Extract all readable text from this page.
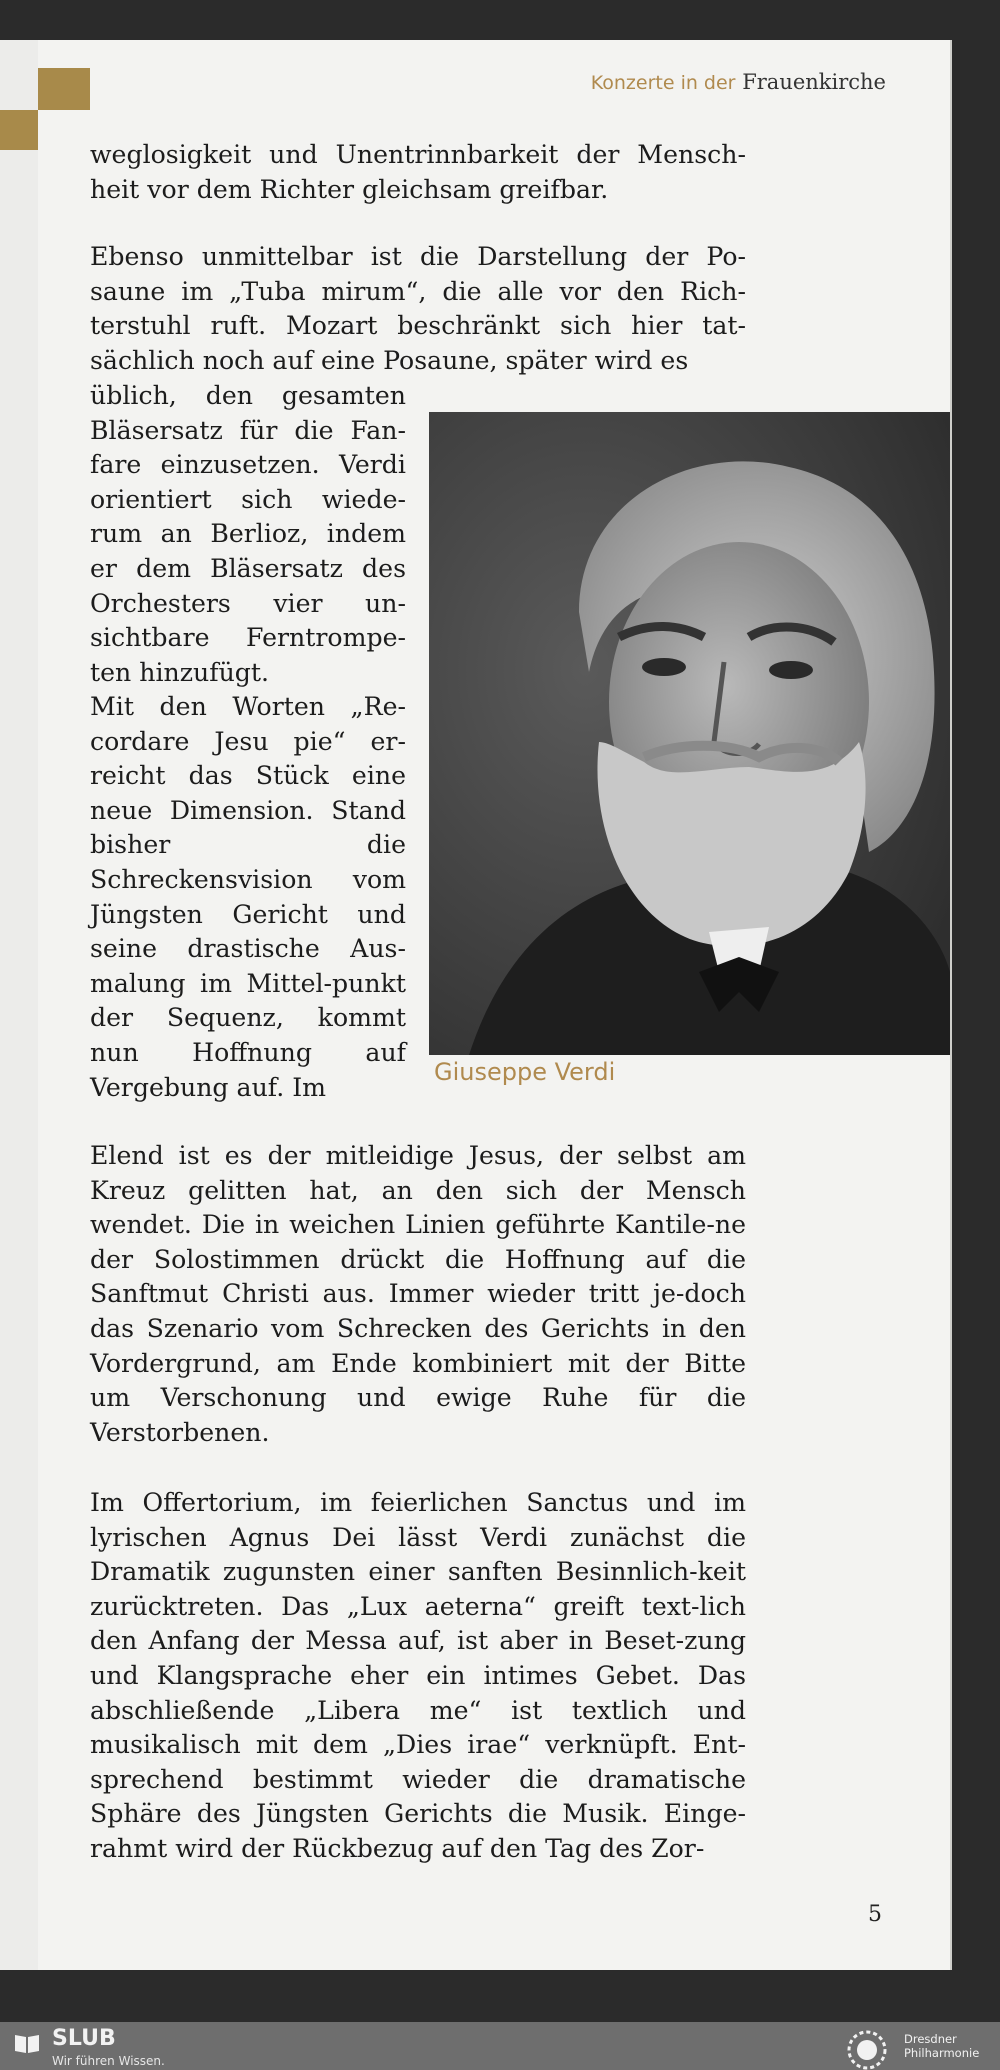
Konzerte in der Frauenkirche

weglosigkeit und Unentrinnbarkeit der Mensch-heit vor dem Richter gleichsam greifbar.

Ebenso unmittelbar ist die Darstellung der Po-saune im „Tuba mirum“, die alle vor den Rich-terstuhl ruft. Mozart beschränkt sich hier tat-sächlich noch auf eine Posaune, später wird es

üblich, den gesamten Bläsersatz für die Fan-fare einzusetzen. Verdi orientiert sich wiede-rum an Berlioz, indem er dem Bläsersatz des Orchesters vier un-sichtbare Ferntrompe-ten hinzufügt.

Mit den Worten „Re-cordare Jesu pie“ er-reicht das Stück eine neue Dimension. Stand bisher die Schreckensvision vom Jüngsten Gericht und seine drastische Aus-malung im Mittel-punkt der Sequenz, kommt nun Hoffnung auf Vergebung auf. Im

Elend ist es der mitleidige Jesus, der selbst am Kreuz gelitten hat, an den sich der Mensch wendet. Die in weichen Linien geführte Kantile-ne der Solostimmen drückt die Hoffnung auf die Sanftmut Christi aus. Immer wieder tritt je-doch das Szenario vom Schrecken des Gerichts in den Vordergrund, am Ende kombiniert mit der Bitte um Verschonung und ewige Ruhe für die Verstorbenen.

Im Offertorium, im feierlichen Sanctus und im lyrischen Agnus Dei lässt Verdi zunächst die Dramatik zugunsten einer sanften Besinnlich-keit zurücktreten. Das „Lux aeterna“ greift text-lich den Anfang der Messa auf, ist aber in Beset-zung und Klangsprache eher ein intimes Gebet. Das abschließende „Libera me“ ist textlich und musikalisch mit dem „Dies irae“ verknüpft. Ent-sprechend bestimmt wieder die dramatische Sphäre des Jüngsten Gerichts die Musik. Einge-rahmt wird der Rückbezug auf den Tag des Zor-

Giuseppe Verdi
5
SLUB
Wir führen Wissen.
Dresdner
Philharmonie
